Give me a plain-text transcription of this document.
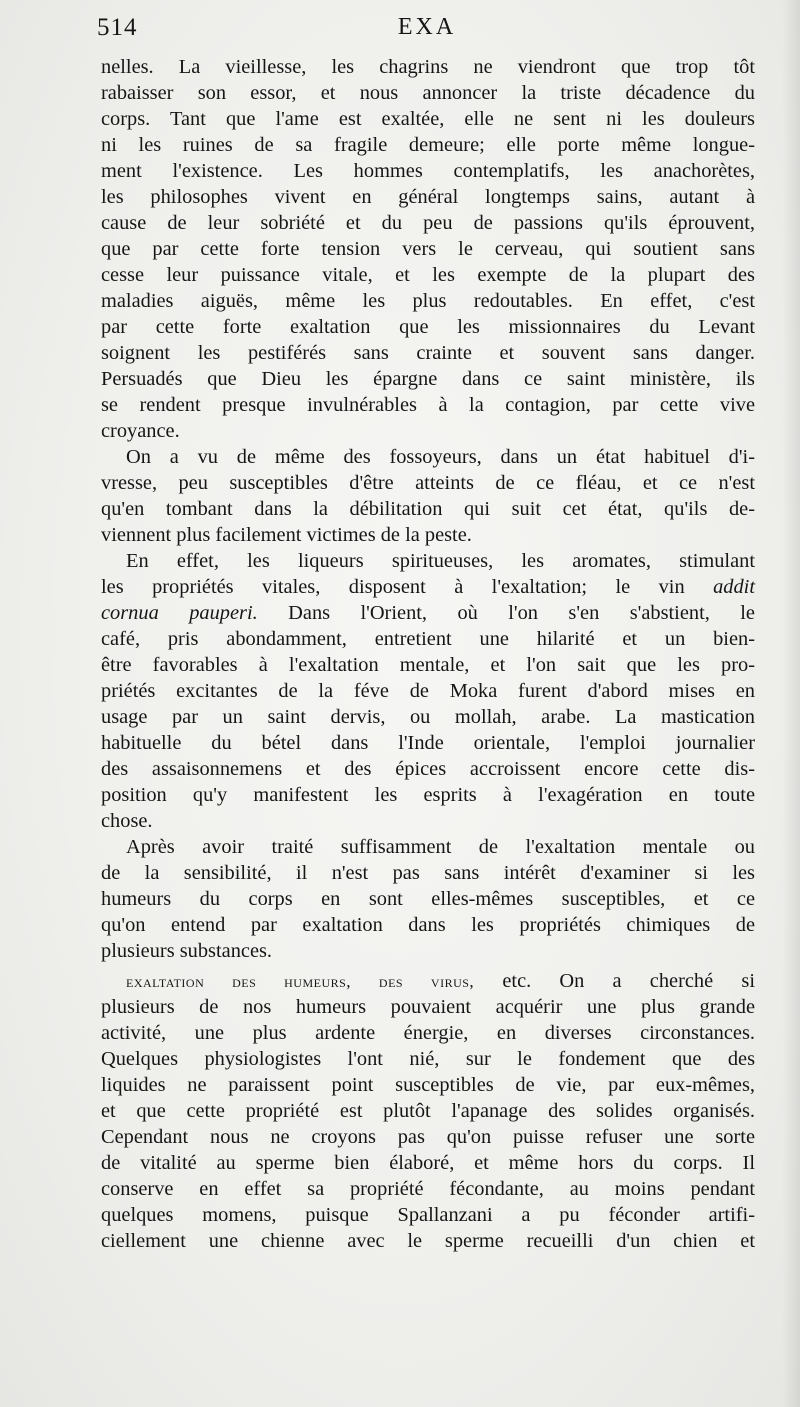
514	EXA
nelles. La vieillesse, les chagrins ne viendront que trop tôt
rabaisser son essor, et nous annoncer la triste décadence du
corps. Tant que l'ame est exaltée, elle ne sent ni les douleurs
ni les ruines de sa fragile demeure; elle porte même longue-
ment l'existence. Les hommes contemplatifs, les anachorètes,
les philosophes vivent en général longtemps sains, autant à
cause de leur sobriété et du peu de passions qu'ils éprouvent,
que par cette forte tension vers le cerveau, qui soutient sans
cesse leur puissance vitale, et les exempte de la plupart des
maladies aiguës, même les plus redoutables. En effet, c'est
par cette forte exaltation que les missionnaires du Levant
soignent les pestiférés sans crainte et souvent sans danger.
Persuadés que Dieu les épargne dans ce saint ministère, ils
se rendent presque invulnérables à la contagion, par cette vive
croyance.
On a vu de même des fossoyeurs, dans un état habituel d'i-
vresse, peu susceptibles d'être atteints de ce fléau, et ce n'est
qu'en tombant dans la débilitation qui suit cet état, qu'ils de-
viennent plus facilement victimes de la peste.
En effet, les liqueurs spiritueuses, les aromates, stimulant
les propriétés vitales, disposent à l'exaltation; le vin addit
cornua pauperi. Dans l'Orient, où l'on s'en s'abstient, le
café, pris abondamment, entretient une hilarité et un bien-
être favorables à l'exaltation mentale, et l'on sait que les pro-
priétés excitantes de la féve de Moka furent d'abord mises en
usage par un saint dervis, ou mollah, arabe. La mastication
habituelle du bétel dans l'Inde orientale, l'emploi journalier
des assaisonnemens et des épices accroissent encore cette dis-
position qu'y manifestent les esprits à l'exagération en toute
chose.
Après avoir traité suffisamment de l'exaltation mentale ou
de la sensibilité, il n'est pas sans intérêt d'examiner si les
humeurs du corps en sont elles-mêmes susceptibles, et ce
qu'on entend par exaltation dans les propriétés chimiques de
plusieurs substances.
exaltation des humeurs, des virus, etc. On a cherché si
plusieurs de nos humeurs pouvaient acquérir une plus grande
activité, une plus ardente énergie, en diverses circonstances.
Quelques physiologistes l'ont nié, sur le fondement que des
liquides ne paraissent point susceptibles de vie, par eux-mêmes,
et que cette propriété est plutôt l'apanage des solides organisés.
Cependant nous ne croyons pas qu'on puisse refuser une sorte
de vitalité au sperme bien élaboré, et même hors du corps. Il
conserve en effet sa propriété fécondante, au moins pendant
quelques momens, puisque Spallanzani a pu féconder artifi-
ciellement une chienne avec le sperme recueilli d'un chien et
